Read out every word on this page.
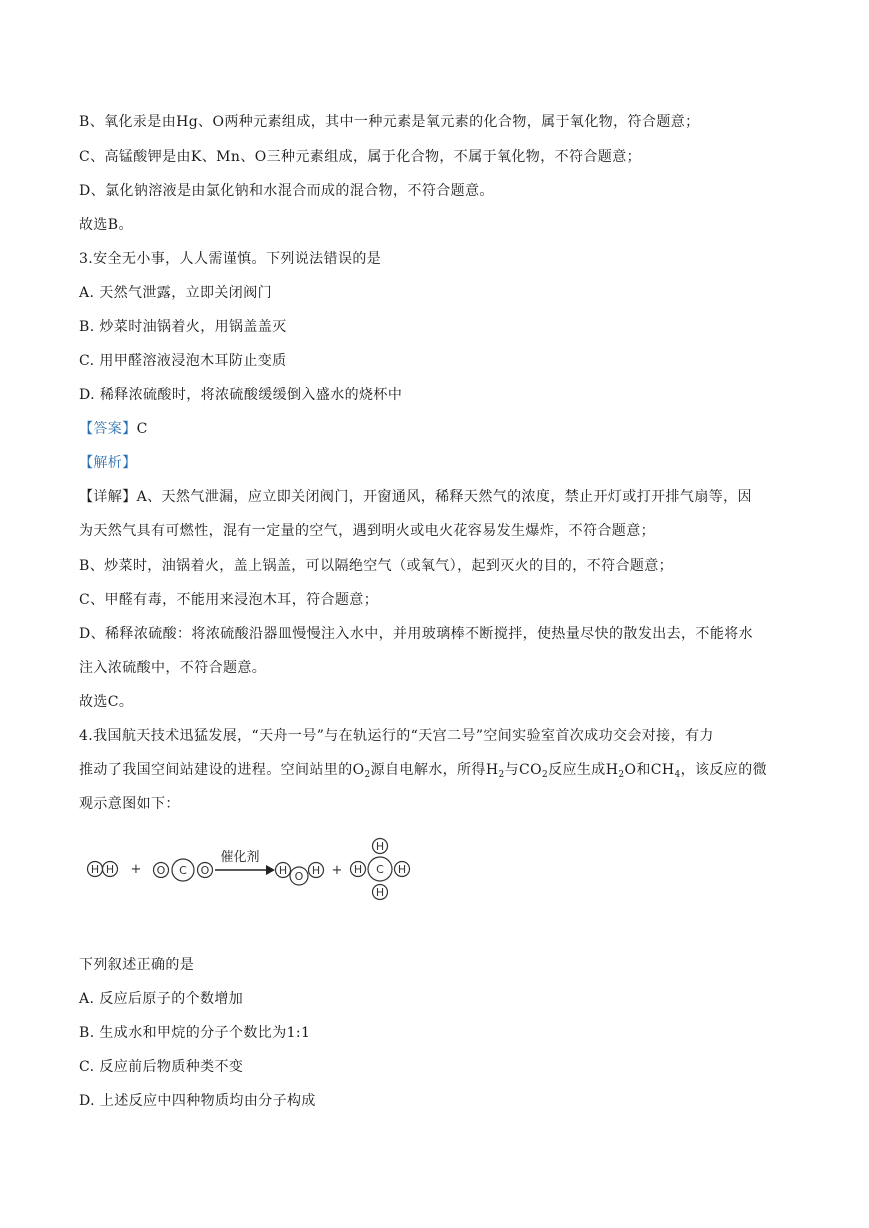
B、氧化汞是由Hg、O两种元素组成，其中一种元素是氧元素的化合物，属于氧化物，符合题意；
C、高锰酸钾是由K、Mn、O三种元素组成，属于化合物，不属于氧化物，不符合题意；
D、氯化钠溶液是由氯化钠和水混合而成的混合物，不符合题意。
故选B。
3.安全无小事，人人需谨慎。下列说法错误的是
A. 天然气泄露，立即关闭阀门
B. 炒菜时油锅着火，用锅盖盖灭
C. 用甲醛溶液浸泡木耳防止变质
D. 稀释浓硫酸时，将浓硫酸缓缓倒入盛水的烧杯中
【答案】C
【解析】
【详解】A、天然气泄漏，应立即关闭阀门，开窗通风，稀释天然气的浓度，禁止开灯或打开排气扇等，因
为天然气具有可燃性，混有一定量的空气，遇到明火或电火花容易发生爆炸，不符合题意；
B、炒菜时，油锅着火，盖上锅盖，可以隔绝空气（或氧气），起到灭火的目的，不符合题意；
C、甲醛有毒，不能用来浸泡木耳，符合题意；
D、稀释浓硫酸：将浓硫酸沿器皿慢慢注入水中，并用玻璃棒不断搅拌，使热量尽快的散发出去，不能将水
注入浓硫酸中，不符合题意。
故选C。
4.我国航天技术迅猛发展，“天舟一号”与在轨运行的“天宫二号”空间实验室首次成功交会对接，有力
推动了我国空间站建设的进程。空间站里的$O_2$源自电解水，所得$H_2$与$CO_2$反应生成$H_2O$和$CH_4$，该反应的微
观示意图如下：
H H + O C O
催化剂
H O H +
H
H	H
H
C
下列叙述正确的是
A. 反应后原子的个数增加
B. 生成水和甲烷的分子个数比为1:1
C. 反应前后物质种类不变
D. 上述反应中四种物质均由分子构成
